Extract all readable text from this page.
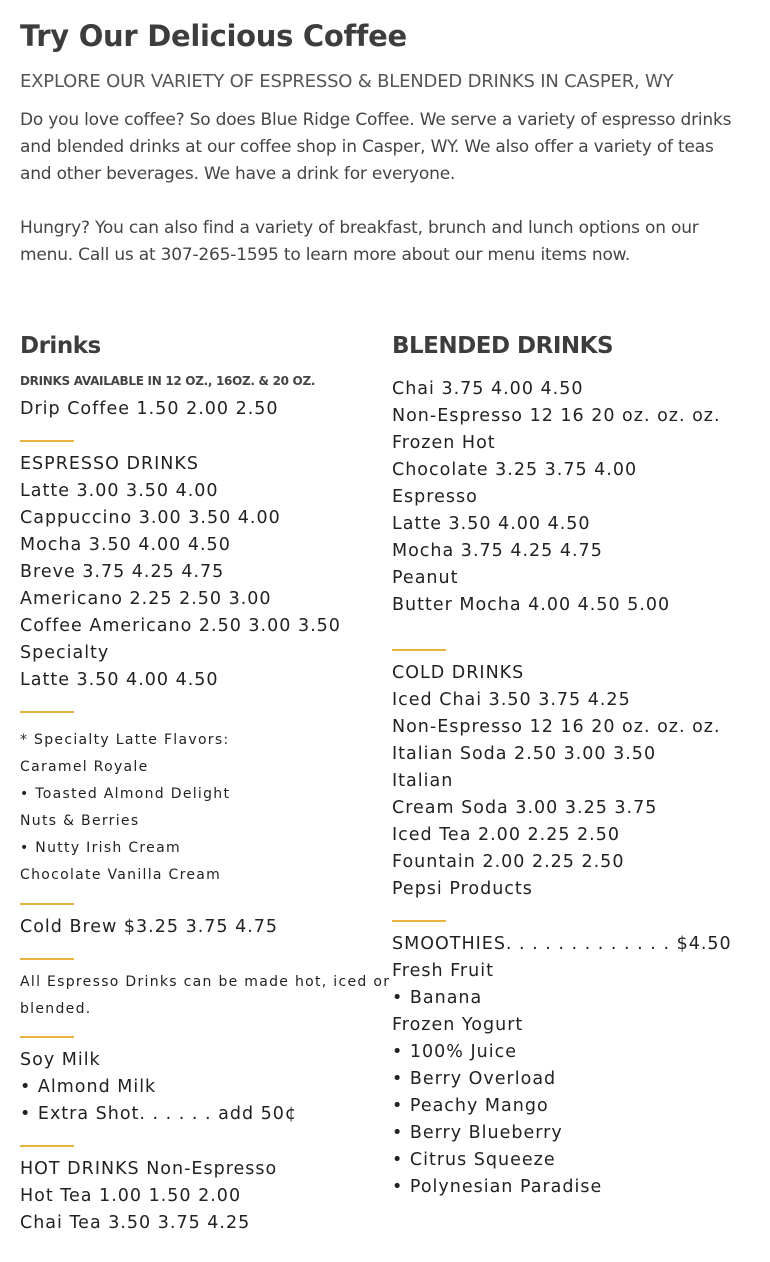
Try Our Delicious Coffee
EXPLORE OUR VARIETY OF ESPRESSO & BLENDED DRINKS IN CASPER, WY

Do you love coffee? So does Blue Ridge Coffee. We serve a variety of espresso drinks and blended drinks at our coffee shop in Casper, WY. We also offer a variety of teas and other beverages. We have a drink for everyone.

Hungry? You can also find a variety of breakfast, brunch and lunch options on our menu. Call us at 307-265-1595 to learn more about our menu items now.

Drinks
DRINKS AVAILABLE IN 12 OZ., 16OZ. & 20 OZ.
Drip Coffee 1.50 2.00 2.50
ESPRESSO DRINKS
Latte 3.00 3.50 4.00
Cappuccino 3.00 3.50 4.00
Mocha 3.50 4.00 4.50
Breve 3.75 4.25 4.75
Americano 2.25 2.50 3.00
Coffee Americano 2.50 3.00 3.50
Specialty
Latte 3.50 4.00 4.50
* Specialty Latte Flavors:
Caramel Royale
• Toasted Almond Delight
Nuts & Berries
• Nutty Irish Cream
Chocolate Vanilla Cream
Cold Brew $3.25 3.75 4.75
All Espresso Drinks can be made hot, iced or
blended.
Soy Milk
• Almond Milk
• Extra Shot. . . . . . add 50¢
HOT DRINKS Non-Espresso
Hot Tea 1.00 1.50 2.00
Chai Tea 3.50 3.75 4.25
BLENDED DRINKS
Chai 3.75 4.00 4.50
Non-Espresso 12 16 20 oz. oz. oz.
Frozen Hot
Chocolate 3.25 3.75 4.00
Espresso
Latte 3.50 4.00 4.50
Mocha 3.75 4.25 4.75
Peanut
Butter Mocha 4.00 4.50 5.00
COLD DRINKS
Iced Chai 3.50 3.75 4.25
Non-Espresso 12 16 20 oz. oz. oz.
Italian Soda 2.50 3.00 3.50
Italian
Cream Soda 3.00 3.25 3.75
Iced Tea 2.00 2.25 2.50
Fountain 2.00 2.25 2.50
Pepsi Products
SMOOTHIES. . . . . . . . . . . . . $4.50
Fresh Fruit
• Banana
Frozen Yogurt
• 100% Juice
• Berry Overload
• Peachy Mango
• Berry Blueberry
• Citrus Squeeze
• Polynesian Paradise
